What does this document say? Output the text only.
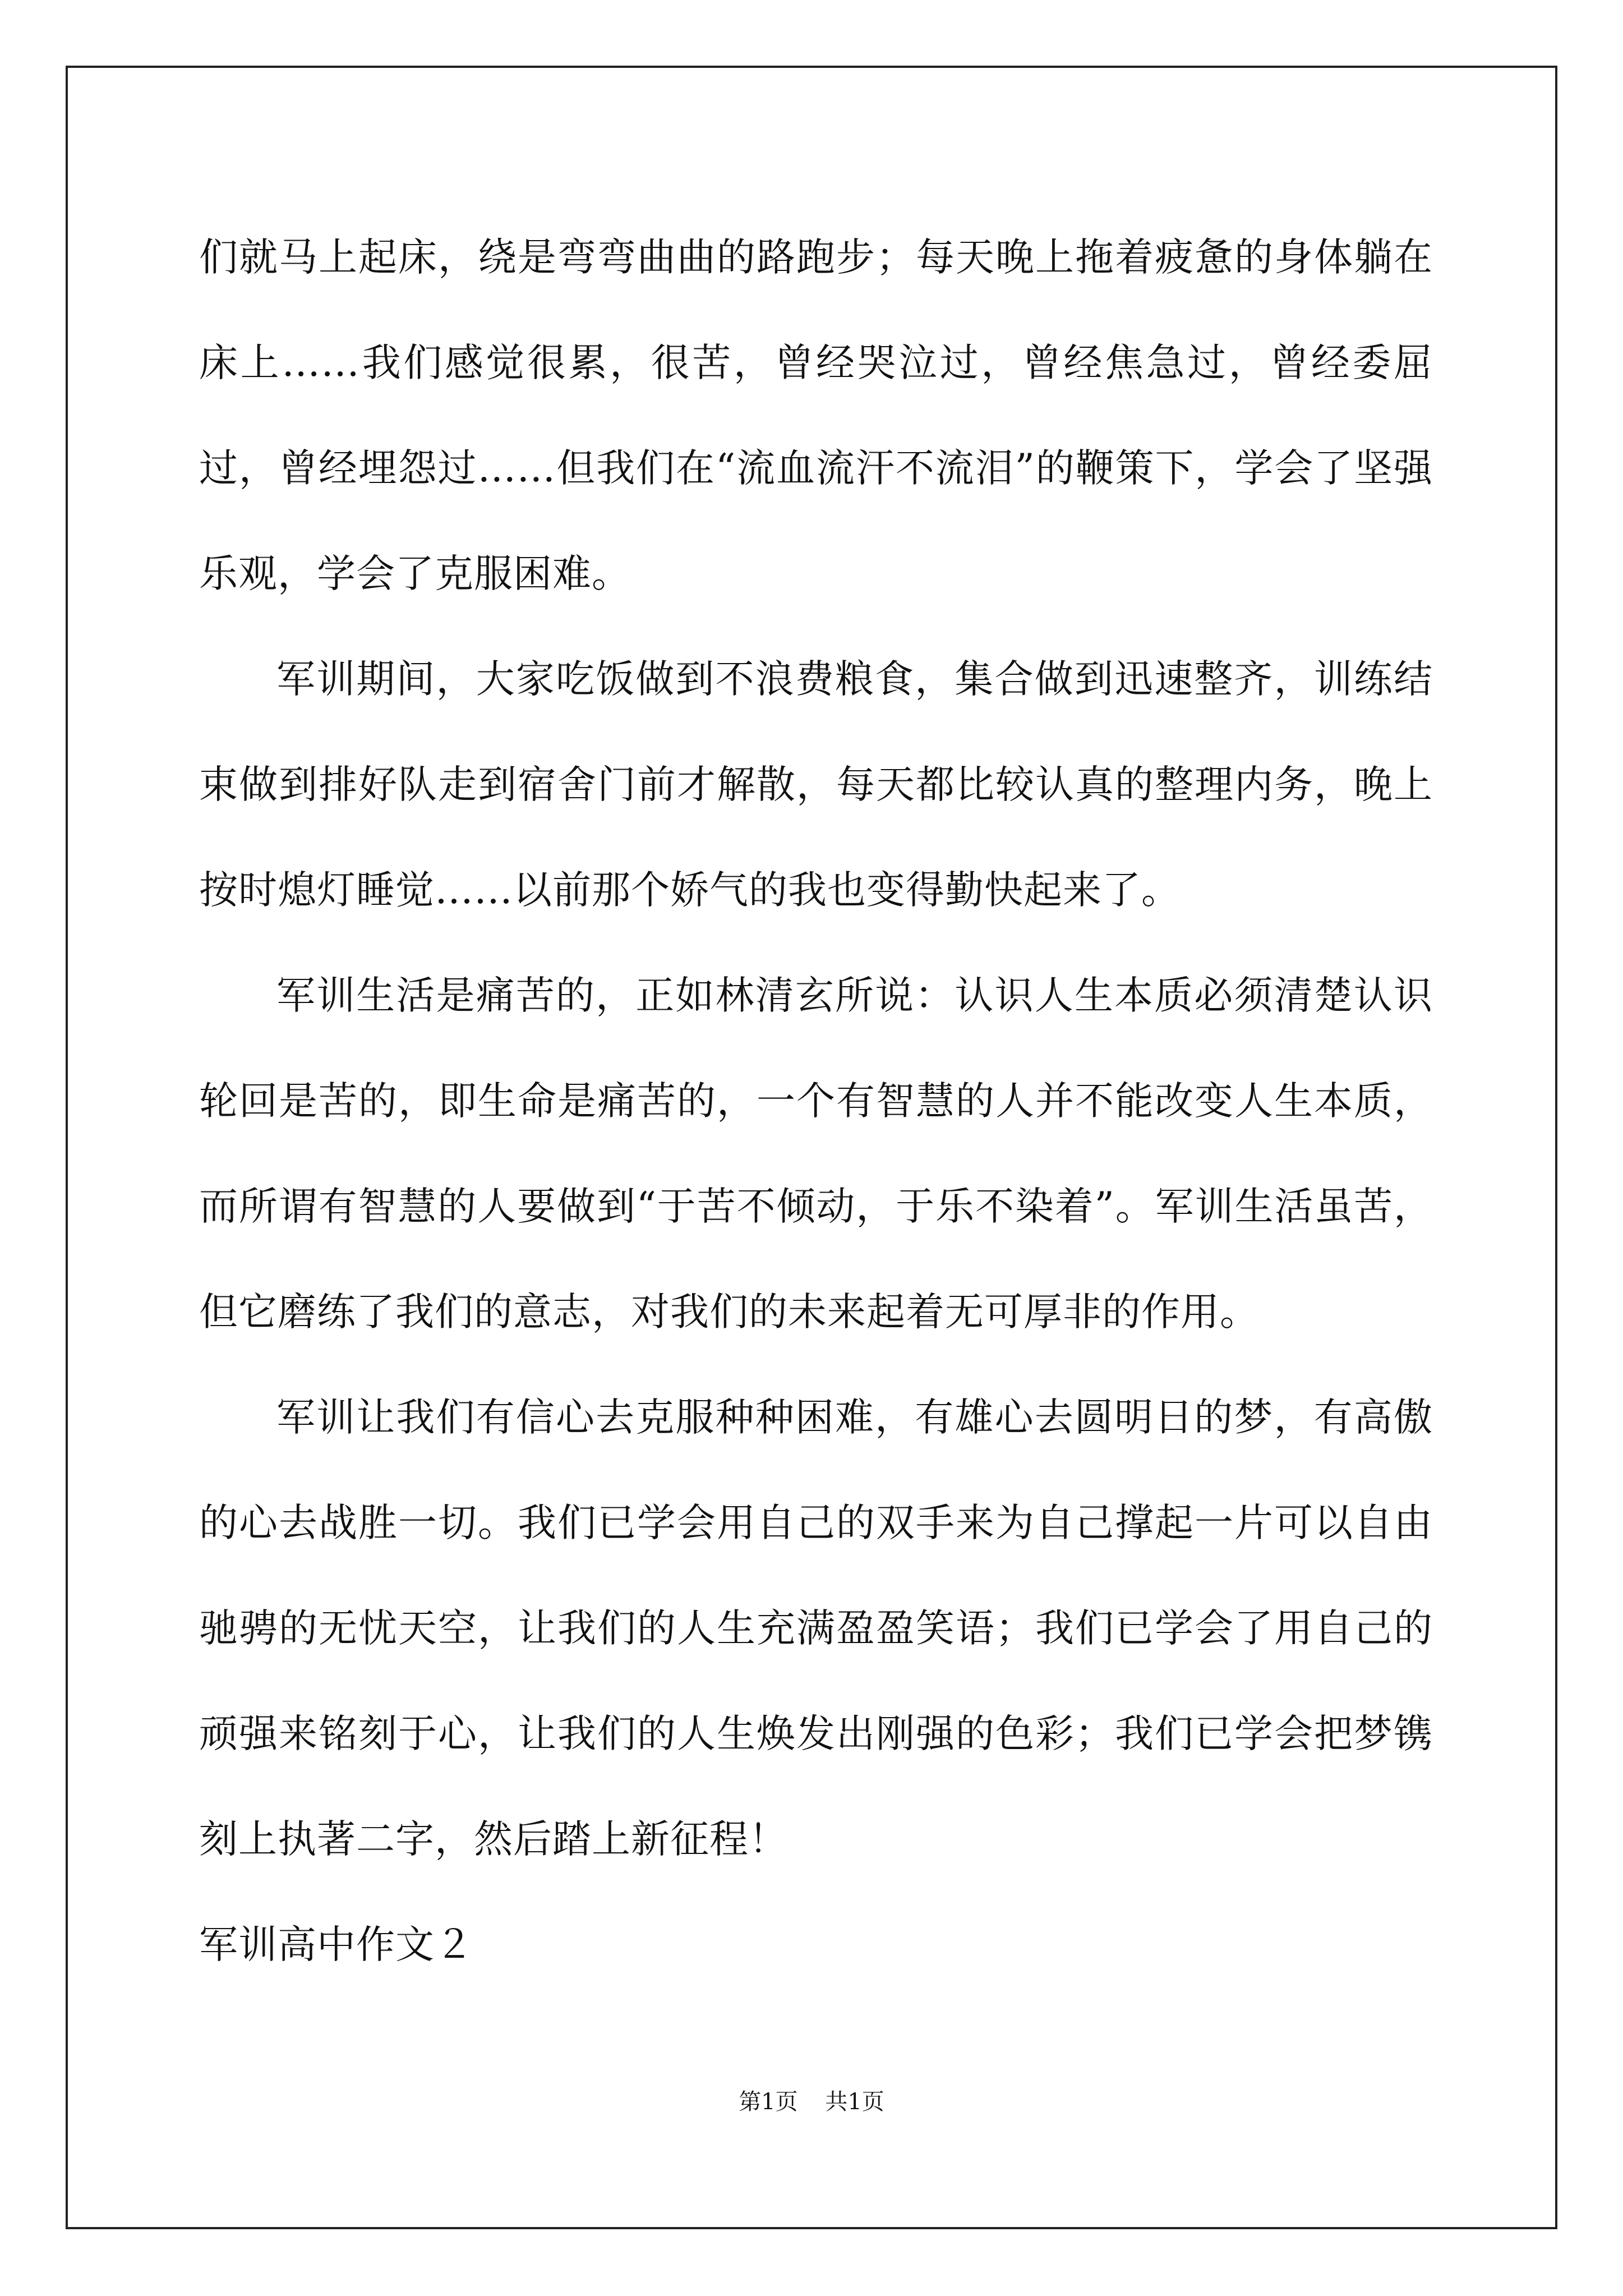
们就马上起床，绕是弯弯曲曲的路跑步；每天晚上拖着疲惫的身体躺在床上……我们感觉很累，很苦，曾经哭泣过，曾经焦急过，曾经委屈过，曾经埋怨过……但我们在“流血流汗不流泪”的鞭策下，学会了坚强乐观，学会了克服困难。

军训期间，大家吃饭做到不浪费粮食，集合做到迅速整齐，训练结束做到排好队走到宿舍门前才解散，每天都比较认真的整理内务，晚上按时熄灯睡觉……以前那个娇气的我也变得勤快起来了。

军训生活是痛苦的，正如林清玄所说：认识人生本质必须清楚认识轮回是苦的，即生命是痛苦的，一个有智慧的人并不能改变人生本质，而所谓有智慧的人要做到“于苦不倾动，于乐不染着”。军训生活虽苦，但它磨练了我们的意志，对我们的未来起着无可厚非的作用。

军训让我们有信心去克服种种困难，有雄心去圆明日的梦，有高傲的心去战胜一切。我们已学会用自己的双手来为自己撑起一片可以自由驰骋的无忧天空，让我们的人生充满盈盈笑语；我们已学会了用自己的顽强来铭刻于心，让我们的人生焕发出刚强的色彩；我们已学会把梦镌刻上执著二字，然后踏上新征程！

军训高中作文２

第1页 共1页
